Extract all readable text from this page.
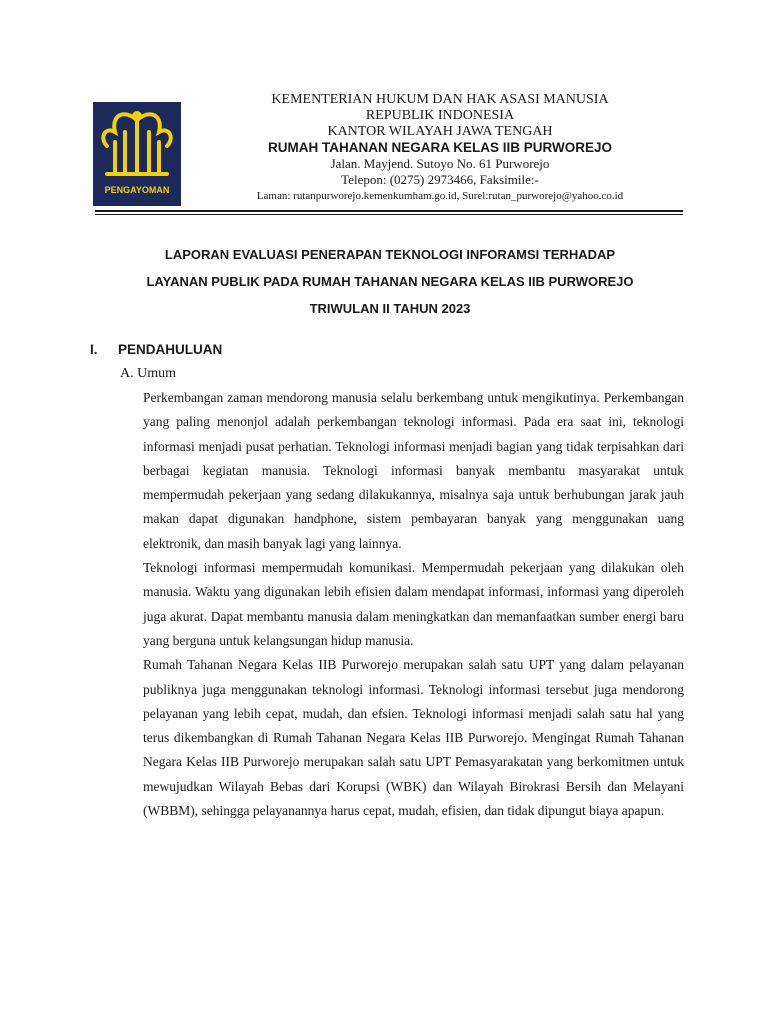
PENGAYOMAN
KEMENTERIAN HUKUM DAN HAK ASASI MANUSIA
REPUBLIK INDONESIA
KANTOR WILAYAH JAWA TENGAH
RUMAH TAHANAN NEGARA KELAS IIB PURWOREJO
Jalan. Mayjend. Sutoyo No. 61 Purworejo
Telepon: (0275) 2973466, Faksimile:-
Laman: rutanpurworejo.kemenkumham.go.id, Surel:rutan_purworejo@yahoo.co.id
LAPORAN EVALUASI PENERAPAN TEKNOLOGI INFORAMSI TERHADAP
LAYANAN PUBLIK PADA RUMAH TAHANAN NEGARA KELAS IIB PURWOREJO
TRIWULAN II TAHUN 2023
I. PENDAHULUAN
A. Umum

Perkembangan zaman mendorong manusia selalu berkembang untuk mengikutinya. Perkembangan yang paling menonjol adalah perkembangan teknologi informasi. Pada era saat ini, teknologi informasi menjadi pusat perhatian. Teknologi informasi menjadi bagian yang tidak terpisahkan dari berbagai kegiatan manusia. Teknologi informasi banyak membantu masyarakat untuk mempermudah pekerjaan yang sedang dilakukannya, misalnya saja untuk berhubungan jarak jauh makan dapat digunakan handphone, sistem pembayaran banyak yang menggunakan uang elektronik, dan masih banyak lagi yang lainnya.

Teknologi informasi mempermudah komunikasi. Mempermudah pekerjaan yang dilakukan oleh manusia. Waktu yang digunakan lebih efisien dalam mendapat informasi, informasi yang diperoleh juga akurat. Dapat membantu manusia dalam meningkatkan dan memanfaatkan sumber energi baru yang berguna untuk kelangsungan hidup manusia.

Rumah Tahanan Negara Kelas IIB Purworejo merupakan salah satu UPT yang dalam pelayanan publiknya juga menggunakan teknologi informasi. Teknologi informasi tersebut juga mendorong pelayanan yang lebih cepat, mudah, dan efsien. Teknologi informasi menjadi salah satu hal yang terus dikembangkan di Rumah Tahanan Negara Kelas IIB Purworejo. Mengingat Rumah Tahanan Negara Kelas IIB Purworejo merupakan salah satu UPT Pemasyarakatan yang berkomitmen untuk mewujudkan Wilayah Bebas dari Korupsi (WBK) dan Wilayah Birokrasi Bersih dan Melayani (WBBM), sehingga pelayanannya harus cepat, mudah, efisien, dan tidak dipungut biaya apapun.
